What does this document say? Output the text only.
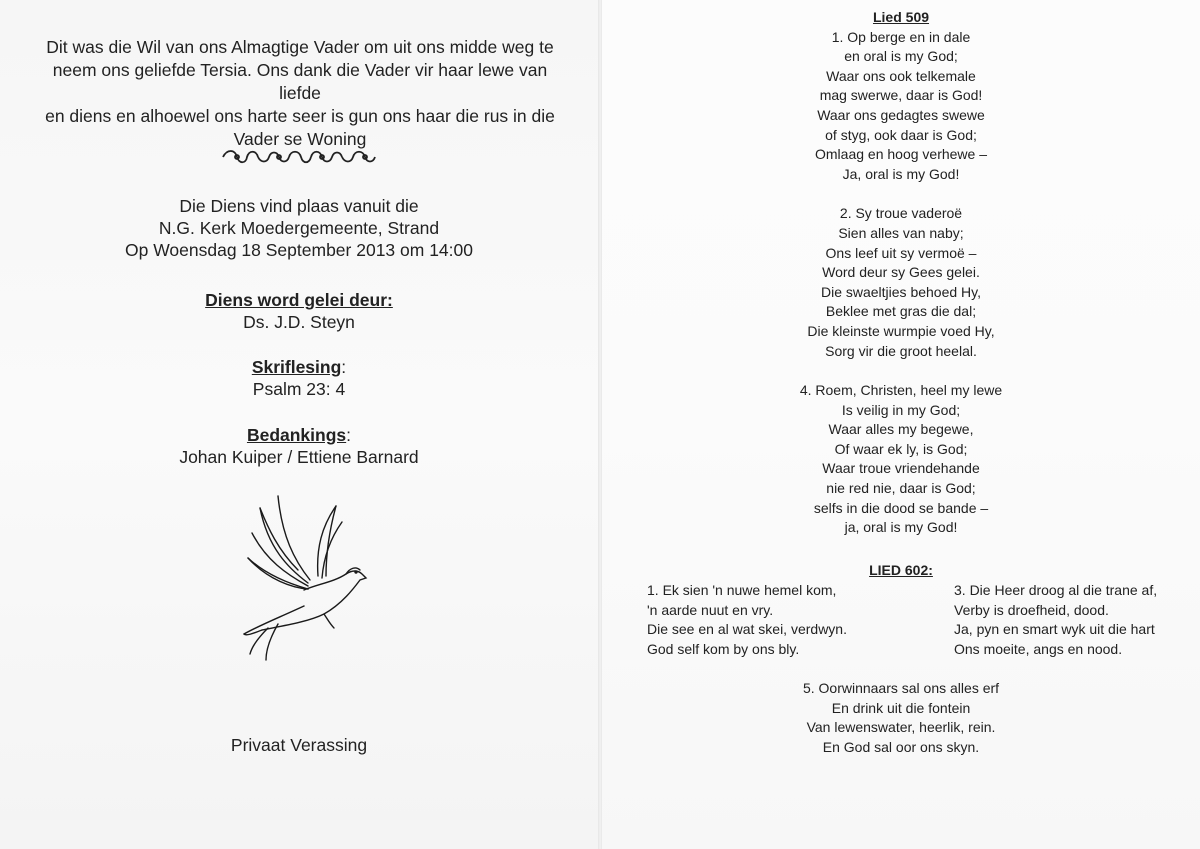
Dit was die Wil van ons Almagtige Vader om uit ons midde weg te
neem ons geliefde Tersia. Ons dank die Vader vir haar lewe van liefde
en diens en alhoewel ons harte seer is gun ons haar die rus in die
Vader se Woning
Die Diens vind plaas vanuit die
N.G. Kerk Moedergemeente, Strand
Op Woensdag 18 September 2013 om 14:00
Diens word gelei deur:
Ds. J.D. Steyn
Skriflesing:
Psalm 23: 4
Bedankings:
Johan Kuiper / Ettiene Barnard
Privaat Verassing
Lied 509
1. Op berge en in dale
en oral is my God;
Waar ons ook telkemale
mag swerwe, daar is God!
Waar ons gedagtes swewe
of styg, ook daar is God;
Omlaag en hoog verhewe –
Ja, oral is my God!
2. Sy troue vaderoë
Sien alles van naby;
Ons leef uit sy vermoë –
Word deur sy Gees gelei.
Die swaeltjies behoed Hy,
Beklee met gras die dal;
Die kleinste wurmpie voed Hy,
Sorg vir die groot heelal.
4. Roem, Christen, heel my lewe
Is veilig in my God;
Waar alles my begewe,
Of waar ek ly, is God;
Waar troue vriendehande
nie red nie, daar is God;
selfs in die dood se bande –
ja, oral is my God!
LIED 602:
1. Ek sien 'n nuwe hemel kom,
'n aarde nuut en vry.
Die see en al wat skei, verdwyn.
God self kom by ons bly.
3. Die Heer droog al die trane af,
Verby is droefheid, dood.
Ja, pyn en smart wyk uit die hart
Ons moeite, angs en nood.
5. Oorwinnaars sal ons alles erf
En drink uit die fontein
Van lewenswater, heerlik, rein.
En God sal oor ons skyn.
